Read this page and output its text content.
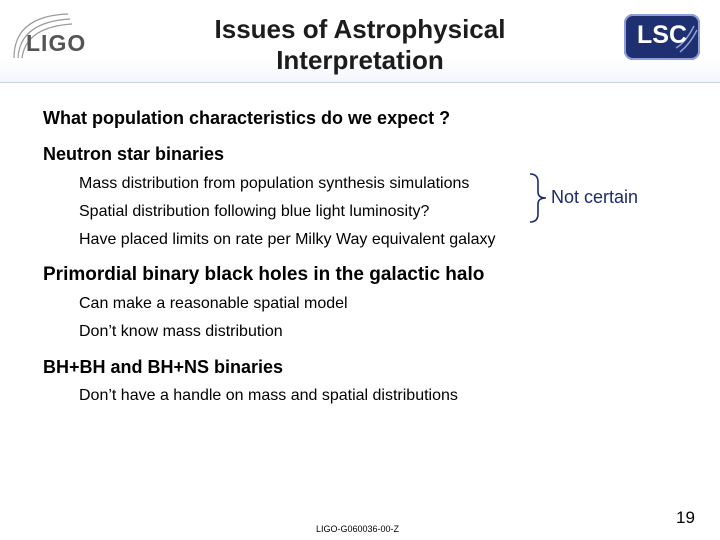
LIGO	Issues of Astrophysical
Interpretation
LSC
What population characteristics do we expect ?
Neutron star binaries
Mass distribution from population synthesis simulations
Spatial distribution following blue light luminosity?
Have placed limits on rate per Milky Way equivalent galaxy
Not certain
Primordial binary black holes in the galactic halo
Can make a reasonable spatial model
Don’t know mass distribution
BH+BH and BH+NS binaries
Don’t have a handle on mass and spatial distributions
LIGO-G060036-00-Z
19
